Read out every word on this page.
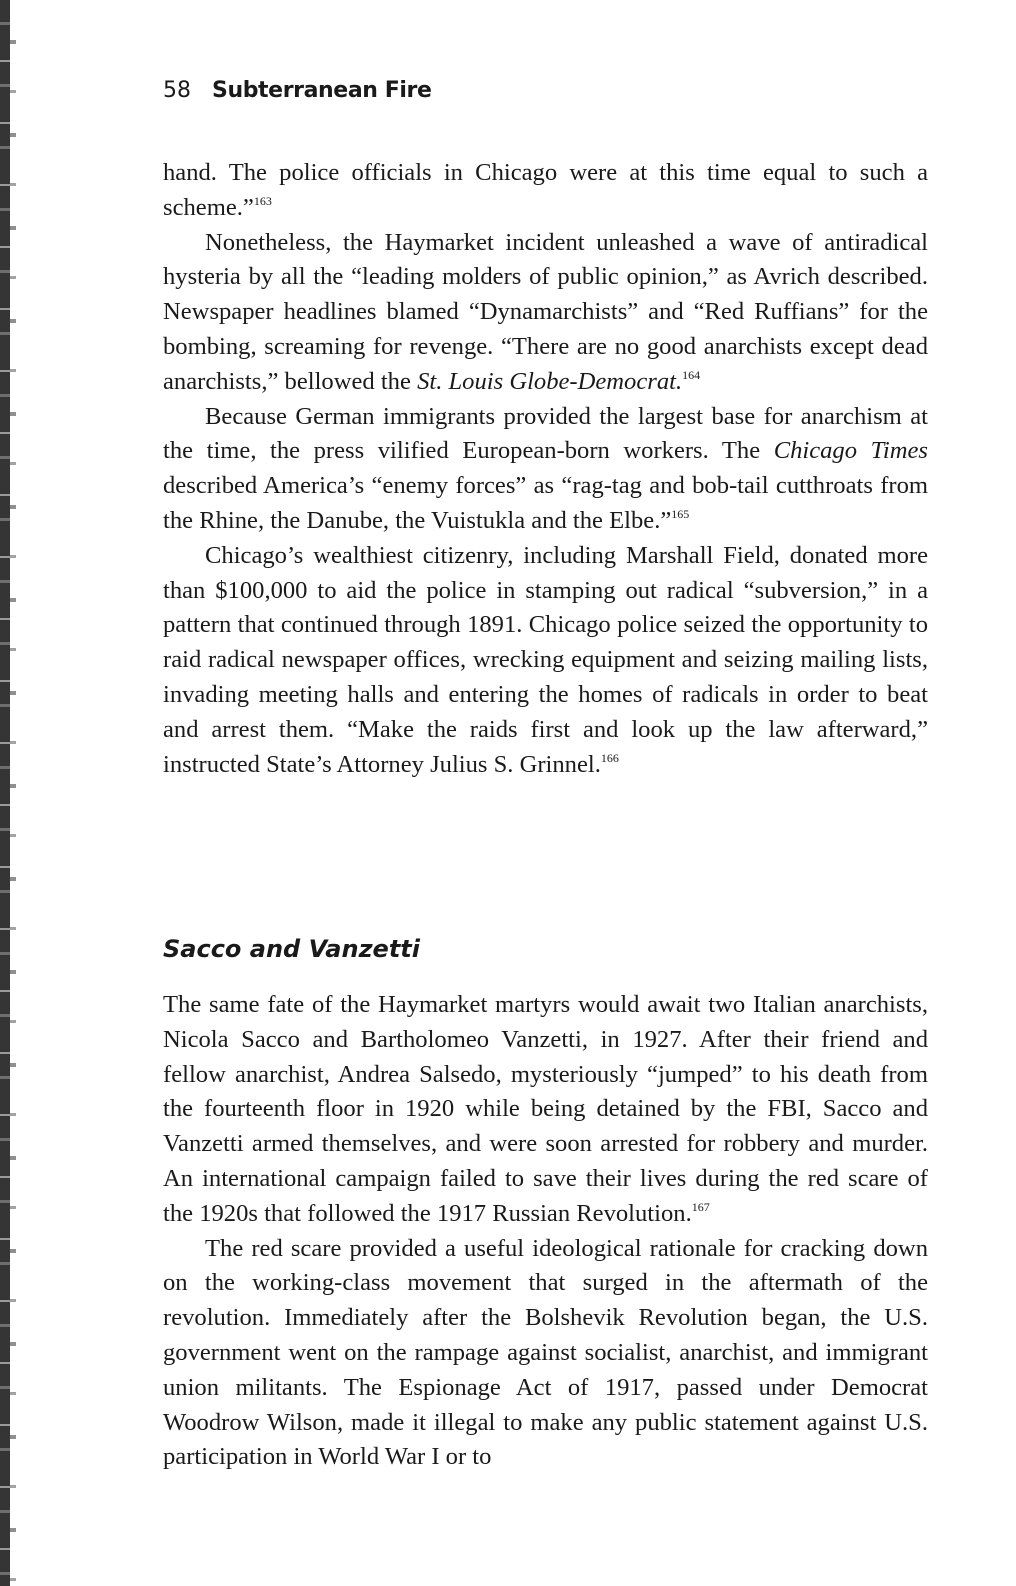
58 Subterranean Fire

hand. The police officials in Chicago were at this time equal to such a scheme.”$^{163}$

Nonetheless, the Haymarket incident unleashed a wave of antiradical hysteria by all the “leading molders of public opinion,” as Avrich described. Newspaper headlines blamed “Dynamarchists” and “Red Ruffians” for the bombing, screaming for revenge. “There are no good anarchists except dead anarchists,” bellowed the St. Louis Globe-Democrat.$^{164}$

Because German immigrants provided the largest base for anarchism at the time, the press vilified European-born workers. The Chicago Times described America’s “enemy forces” as “rag-tag and bob-tail cutthroats from the Rhine, the Danube, the Vuistukla and the Elbe.”$^{165}$

Chicago’s wealthiest citizenry, including Marshall Field, donated more than $100,000 to aid the police in stamping out radical “subversion,” in a pattern that continued through 1891. Chicago police seized the opportunity to raid radical newspaper offices, wrecking equipment and seizing mailing lists, invading meeting halls and entering the homes of radicals in order to beat and arrest them. “Make the raids first and look up the law afterward,” instructed State’s Attorney Julius S. Grinnel.$^{166}$

Sacco and Vanzetti

The same fate of the Haymarket martyrs would await two Italian anarchists, Nicola Sacco and Bartholomeo Vanzetti, in 1927. After their friend and fellow anarchist, Andrea Salsedo, mysteriously “jumped” to his death from the fourteenth floor in 1920 while being detained by the FBI, Sacco and Vanzetti armed themselves, and were soon arrested for robbery and murder. An international campaign failed to save their lives during the red scare of the 1920s that followed the 1917 Russian Revolution.$^{167}$

The red scare provided a useful ideological rationale for cracking down on the working-class movement that surged in the aftermath of the revolution. Immediately after the Bolshevik Revolution began, the U.S. government went on the rampage against socialist, anarchist, and immigrant union militants. The Espionage Act of 1917, passed under Democrat Woodrow Wilson, made it illegal to make any public statement against U.S. participation in World War I or to
